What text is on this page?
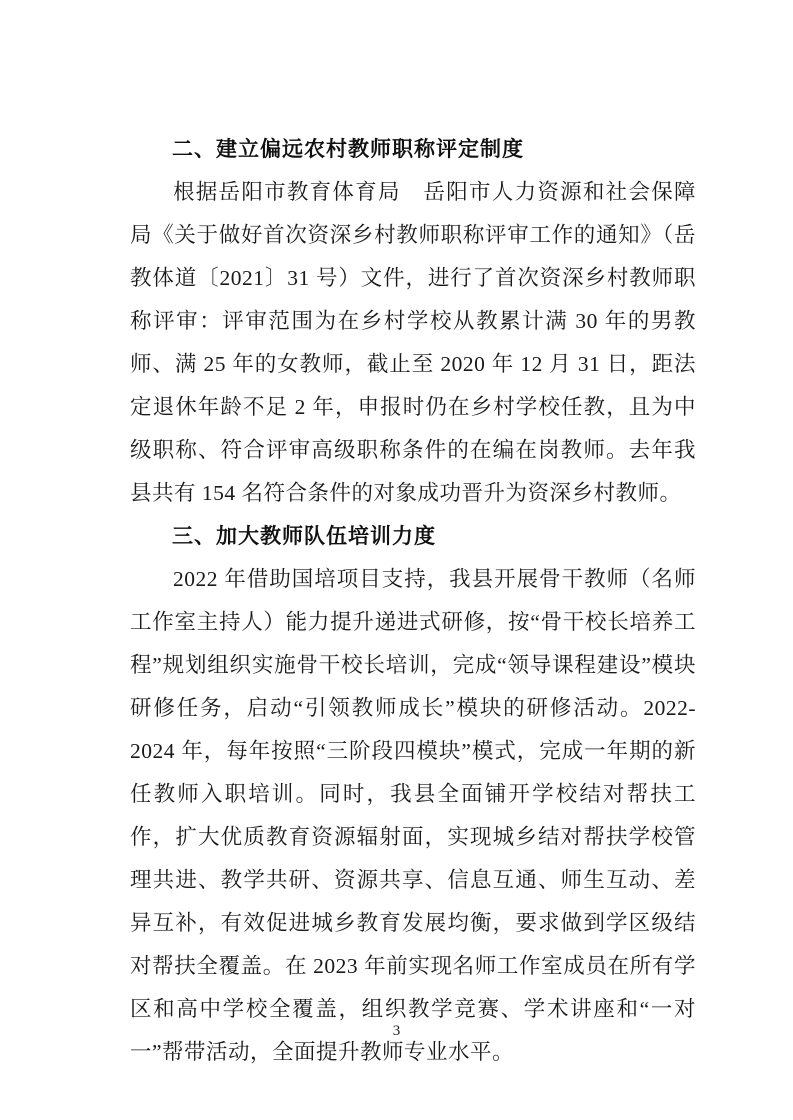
二、建立偏远农村教师职称评定制度

根据岳阳市教育体育局　岳阳市人力资源和社会保障局《关于做好首次资深乡村教师职称评审工作的通知》（岳教体道〔2021〕31 号）文件，进行了首次资深乡村教师职称评审：评审范围为在乡村学校从教累计满 30 年的男教师、满 25 年的女教师，截止至 2020 年 12 月 31 日，距法定退休年龄不足 2 年，申报时仍在乡村学校任教，且为中级职称、符合评审高级职称条件的在编在岗教师。去年我县共有 154 名符合条件的对象成功晋升为资深乡村教师。

三、加大教师队伍培训力度

2022 年借助国培项目支持，我县开展骨干教师（名师工作室主持人）能力提升递进式研修，按“骨干校长培养工程”规划组织实施骨干校长培训，完成“领导课程建设”模块研修任务，启动“引领教师成长”模块的研修活动。2022-2024 年，每年按照“三阶段四模块”模式，完成一年期的新任教师入职培训。同时，我县全面铺开学校结对帮扶工作，扩大优质教育资源辐射面，实现城乡结对帮扶学校管理共进、教学共研、资源共享、信息互通、师生互动、差异互补，有效促进城乡教育发展均衡，要求做到学区级结对帮扶全覆盖。在 2023 年前实现名师工作室成员在所有学区和高中学校全覆盖，组织教学竞赛、学术讲座和“一对一”帮带活动，全面提升教师专业水平。

3
